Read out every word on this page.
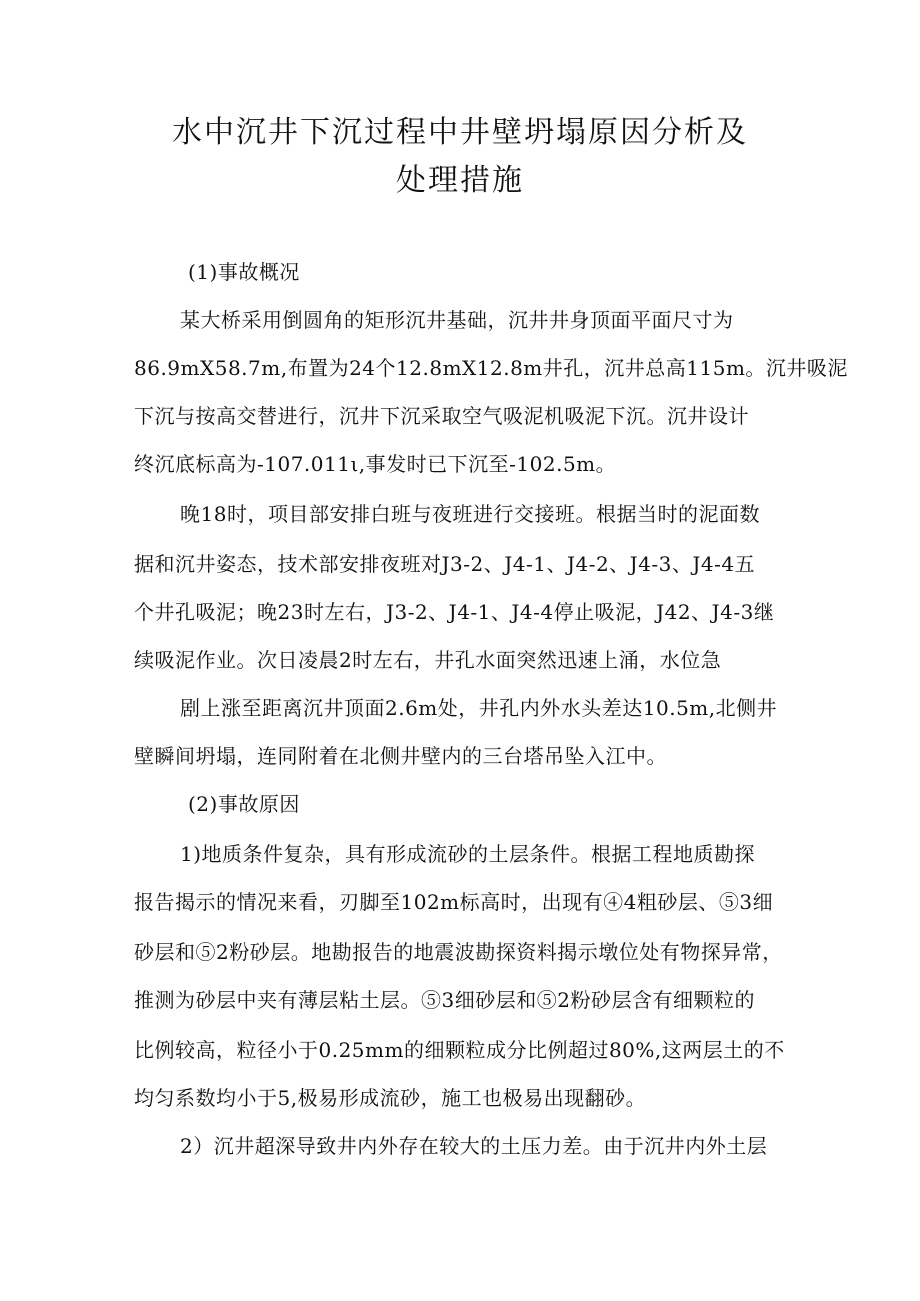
水中沉井下沉过程中井壁坍塌原因分析及
处理措施
(1)事故概况
某大桥采用倒圆角的矩形沉井基础，沉井井身顶面平面尺寸为
86.9mX58.7m,布置为24个12.8mX12.8m井孔，沉井总高115m。沉井吸泥
下沉与按高交替进行，沉井下沉采取空气吸泥机吸泥下沉。沉井设计
终沉底标高为-107.011ι,事发时已下沉至-102.5m。
晚18时，项目部安排白班与夜班进行交接班。根据当时的泥面数
据和沉井姿态，技术部安排夜班对J3-2、J4-1、J4-2、J4-3、J4-4五
个井孔吸泥；晚23时左右，J3-2、J4-1、J4-4停止吸泥，J42、J4-3继
续吸泥作业。次日凌晨2时左右，井孔水面突然迅速上涌，水位急
剧上涨至距离沉井顶面2.6m处，井孔内外水头差达10.5m,北侧井
壁瞬间坍塌，连同附着在北侧井壁内的三台塔吊坠入江中。
(2)事故原因
1)地质条件复杂，具有形成流砂的土层条件。根据工程地质勘探
报告揭示的情况来看，刃脚至102m标高时，出现有④4粗砂层、⑤3细
砂层和⑤2粉砂层。地勘报告的地震波勘探资料揭示墩位处有物探异常，
推测为砂层中夹有薄层粘土层。⑤3细砂层和⑤2粉砂层含有细颗粒的
比例较高，粒径小于0.25mm的细颗粒成分比例超过80%,这两层土的不
均匀系数均小于5,极易形成流砂，施工也极易出现翻砂。
2）沉井超深导致井内外存在较大的土压力差。由于沉井内外土层
